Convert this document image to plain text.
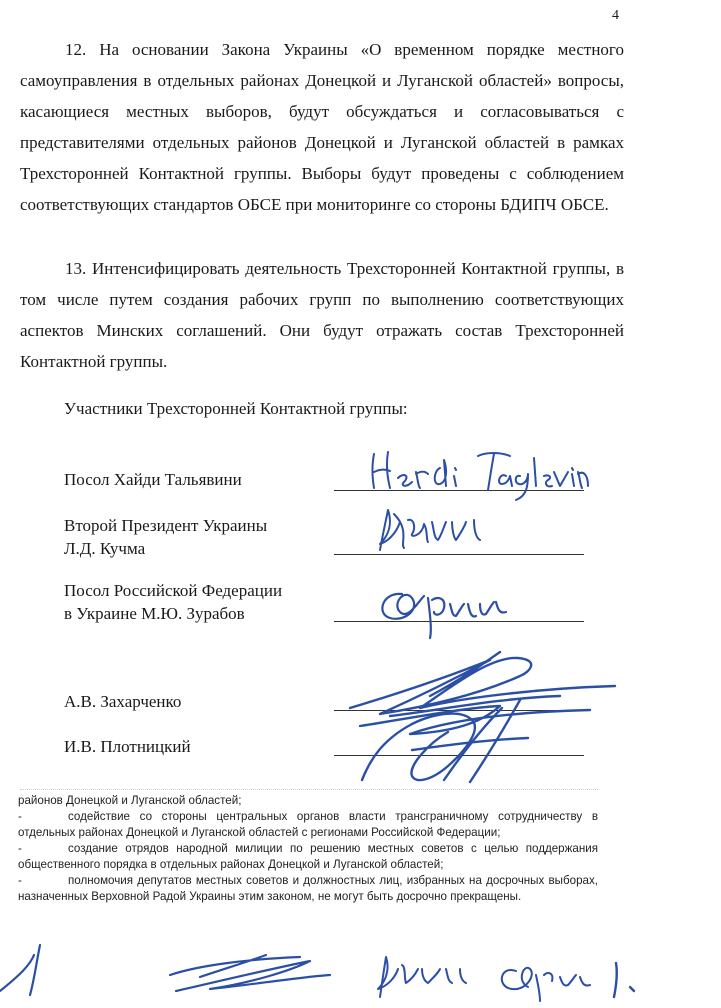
4
12. На основании Закона Украины «О временном порядке местного самоуправления в отдельных районах Донецкой и Луганской областей» вопросы, касающиеся местных выборов, будут обсуждаться и согласовываться с представителями отдельных районов Донецкой и Луганской областей в рамках Трехсторонней Контактной группы. Выборы будут проведены с соблюдением соответствующих стандартов ОБСЕ при мониторинге со стороны БДИПЧ ОБСЕ.
13. Интенсифицировать деятельность Трехсторонней Контактной группы, в том числе путем создания рабочих групп по выполнению соответствующих аспектов Минских соглашений. Они будут отражать состав Трехсторонней Контактной группы.
Участники Трехсторонней Контактной группы:
Посол Хайди Тальявини
Второй Президент Украины
Л.Д. Кучма
Посол Российской Федерации
в Украине М.Ю. Зурабов
А.В. Захарченко
И.В. Плотницкий
районов Донецкой и Луганской областей;
-	содействие со стороны центральных органов власти трансграничному сотрудничеству в отдельных районах Донецкой и Луганской областей с регионами Российской Федерации;
-	создание отрядов народной милиции по решению местных советов с целью поддержания общественного порядка в отдельных районах Донецкой и Луганской областей;
-	полномочия депутатов местных советов и должностных лиц, избранных на досрочных выборах, назначенных Верховной Радой Украины этим законом, не могут быть досрочно прекращены.
